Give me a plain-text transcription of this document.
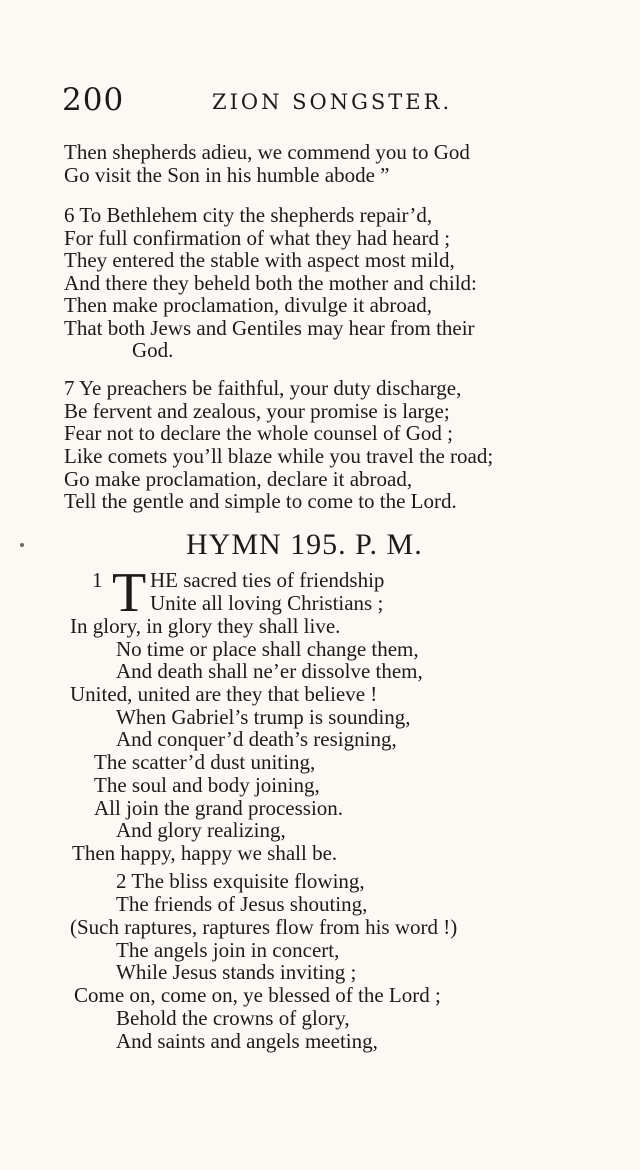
200	ZION SONGSTER.
Then shepherds adieu, we commend you to God
Go visit the Son in his humble abode ”
6 To Bethlehem city the shepherds repair’d,
For full confirmation of what they had heard ;
They entered the stable with aspect most mild,
And there they beheld both the mother and child:
Then make proclamation, divulge it abroad,
That both Jews and Gentiles may hear from their
God.
7 Ye preachers be faithful, your duty discharge,
Be fervent and zealous, your promise is large;
Fear not to declare the whole counsel of God ;
Like comets you’ll blaze while you travel the road;
Go make proclamation, declare it abroad,
Tell the gentle and simple to come to the Lord.
HYMN 195. P. M.
1 T HE sacred ties of friendship
Unite all loving Christians ;
In glory, in glory they shall live.
No time or place shall change them,
And death shall ne’er dissolve them,
United, united are they that believe !
When Gabriel’s trump is sounding,
And conquer’d death’s resigning,
The scatter’d dust uniting,
The soul and body joining,
All join the grand procession.
And glory realizing,
Then happy, happy we shall be.
2 The bliss exquisite flowing,
The friends of Jesus shouting,
(Such raptures, raptures flow from his word !)
The angels join in concert,
While Jesus stands inviting ;
Come on, come on, ye blessed of the Lord ;
Behold the crowns of glory,
And saints and angels meeting,
